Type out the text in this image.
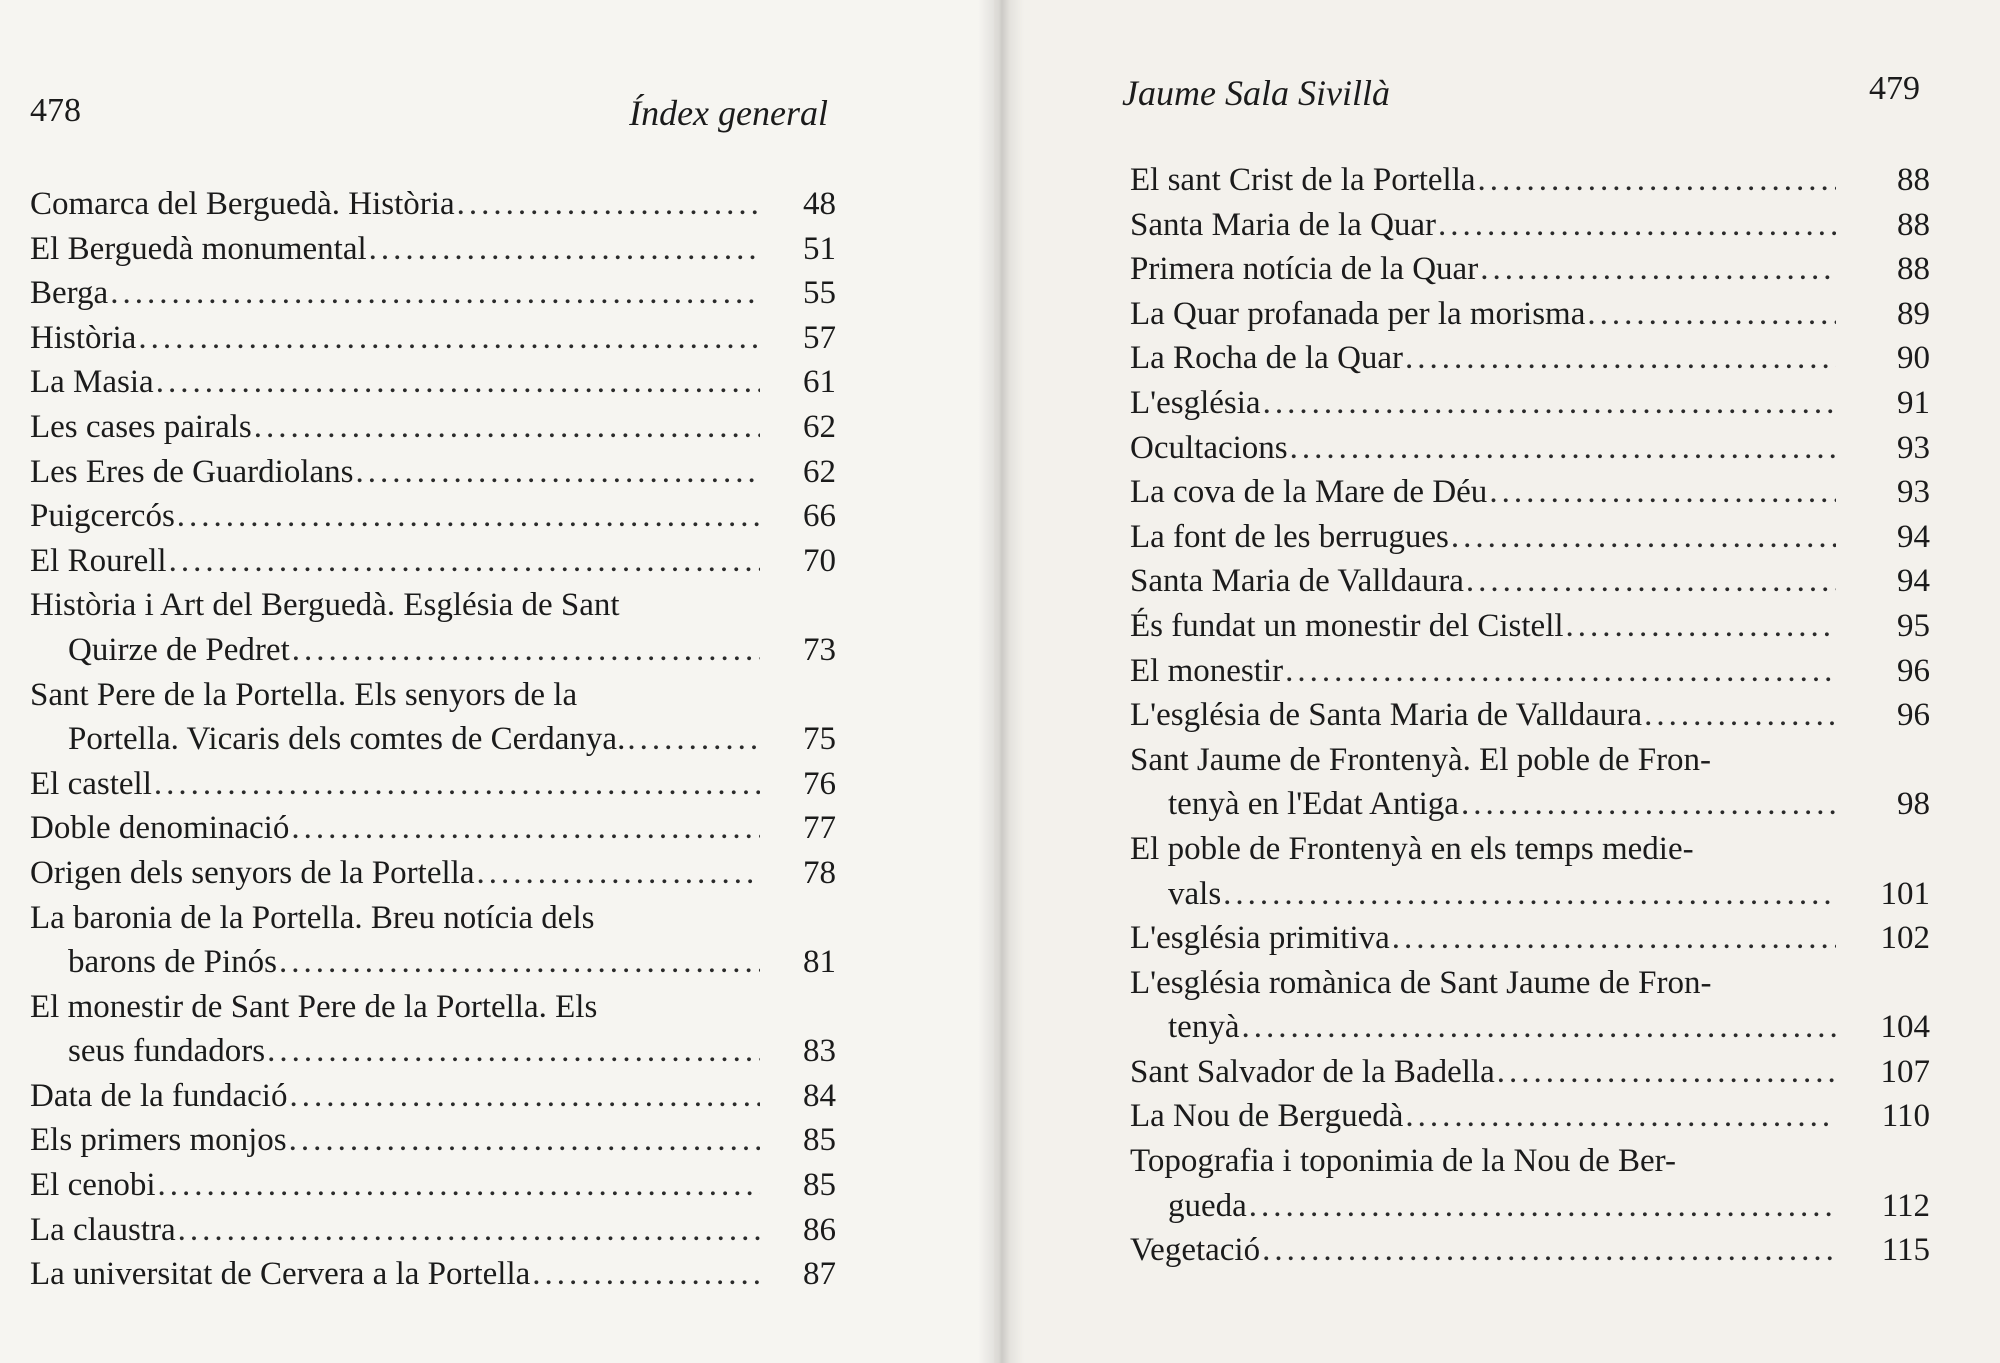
478	Índex general
Comarca del Berguedà. Història .....	48
El Berguedà monumental .....	51
Berga .....	55
Història .....	57
La Masia .....	61
Les cases pairals .....	62
Les Eres de Guardiolans .....	62
Puigcercós .....	66
El Rourell .....	70
Història i Art del Berguedà. Església de Sant
Quirze de Pedret .....	73
Sant Pere de la Portella. Els senyors de la
Portella. Vicaris dels comtes de Cerdanya. .....	75
El castell .....	76
Doble denominació .....	77
Origen dels senyors de la Portella .....	78
La baronia de la Portella. Breu notícia dels
barons de Pinós .....	81
El monestir de Sant Pere de la Portella. Els
seus fundadors .....	83
Data de la fundació .....	84
Els primers monjos .....	85
El cenobi .....	85
La claustra .....	86
La universitat de Cervera a la Portella .....	87
Jaume Sala Sivillà	479
El sant Crist de la Portella .....	88
Santa Maria de la Quar .....	88
Primera notícia de la Quar .....	88
La Quar profanada per la morisma .....	89
La Rocha de la Quar .....	90
L'església .....	91
Ocultacions .....	93
La cova de la Mare de Déu .....	93
La font de les berrugues .....	94
Santa Maria de Valldaura .....	94
És fundat un monestir del Cistell .....	95
El monestir .....	96
L'església de Santa Maria de Valldaura .....	96
Sant Jaume de Frontenyà. El poble de Fron-
tenyà en l'Edat Antiga .....	98
El poble de Frontenyà en els temps medie-
vals .....	101
L'església primitiva .....	102
L'església romànica de Sant Jaume de Fron-
tenyà .....	104
Sant Salvador de la Badella .....	107
La Nou de Berguedà .....	110
Topografia i toponimia de la Nou de Ber-
gueda .....	112
Vegetació .....	115
